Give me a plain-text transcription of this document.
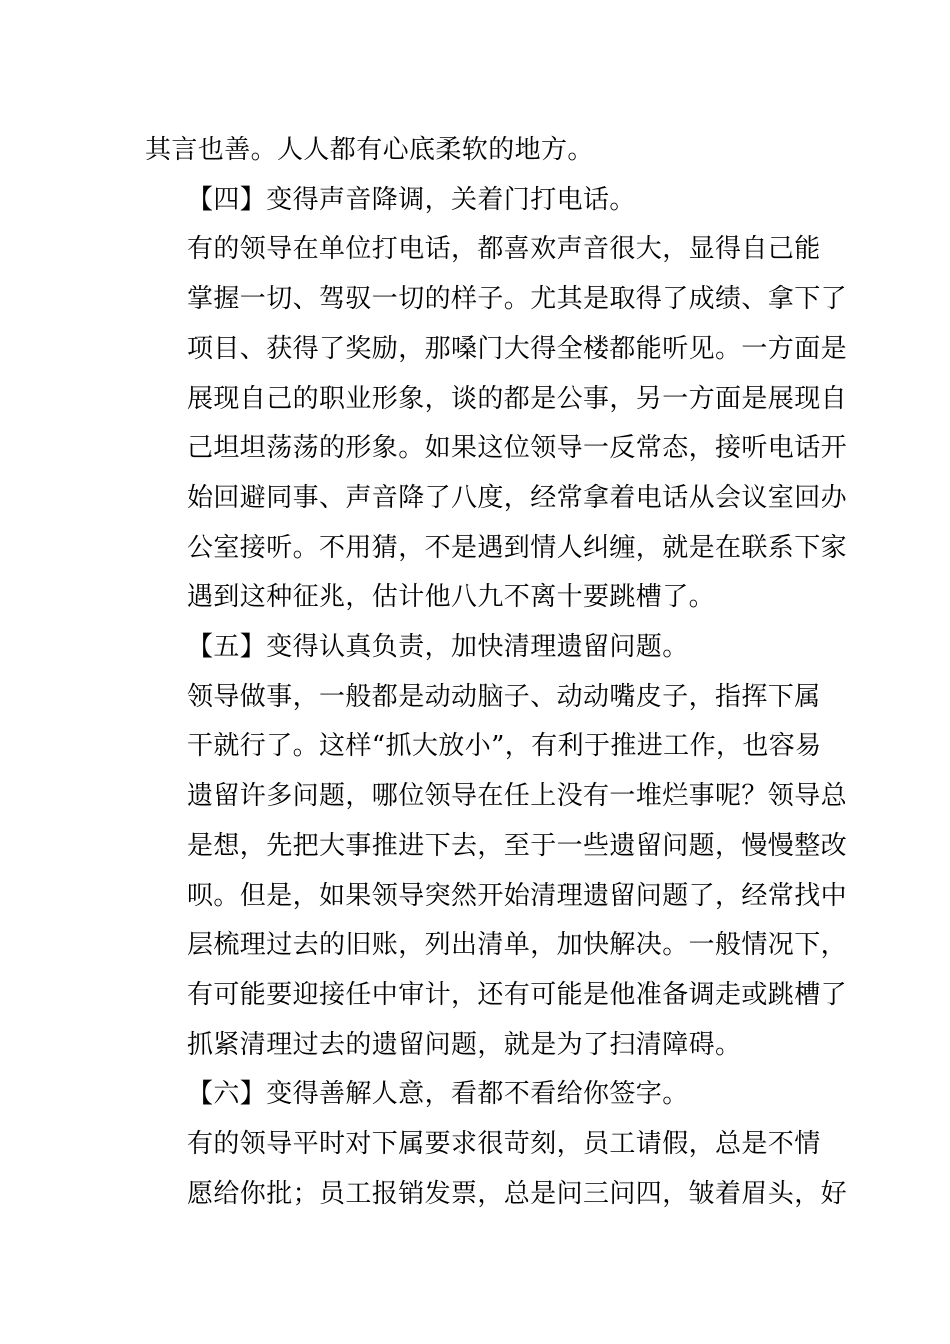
其言也善。人人都有心底柔软的地方。

【四】变得声音降调，关着门打电话。

有的领导在单位打电话，都喜欢声音很大，显得自己能
掌握一切、驾驭一切的样子。尤其是取得了成绩、拿下了
项目、获得了奖励，那嗓门大得全楼都能听见。一方面是
展现自己的职业形象，谈的都是公事，另一方面是展现自
己坦坦荡荡的形象。如果这位领导一反常态，接听电话开
始回避同事、声音降了八度，经常拿着电话从会议室回办
公室接听。不用猜，不是遇到情人纠缠，就是在联系下家
遇到这种征兆，估计他八九不离十要跳槽了。

【五】变得认真负责，加快清理遗留问题。

领导做事，一般都是动动脑子、动动嘴皮子，指挥下属
干就行了。这样“抓大放小”，有利于推进工作，也容易
遗留许多问题，哪位领导在任上没有一堆烂事呢？领导总
是想，先把大事推进下去，至于一些遗留问题，慢慢整改
呗。但是，如果领导突然开始清理遗留问题了，经常找中
层梳理过去的旧账，列出清单，加快解决。一般情况下，
有可能要迎接任中审计，还有可能是他准备调走或跳槽了
抓紧清理过去的遗留问题，就是为了扫清障碍。

【六】变得善解人意，看都不看给你签字。

有的领导平时对下属要求很苛刻，员工请假，总是不情
愿给你批；员工报销发票，总是问三问四，皱着眉头，好
